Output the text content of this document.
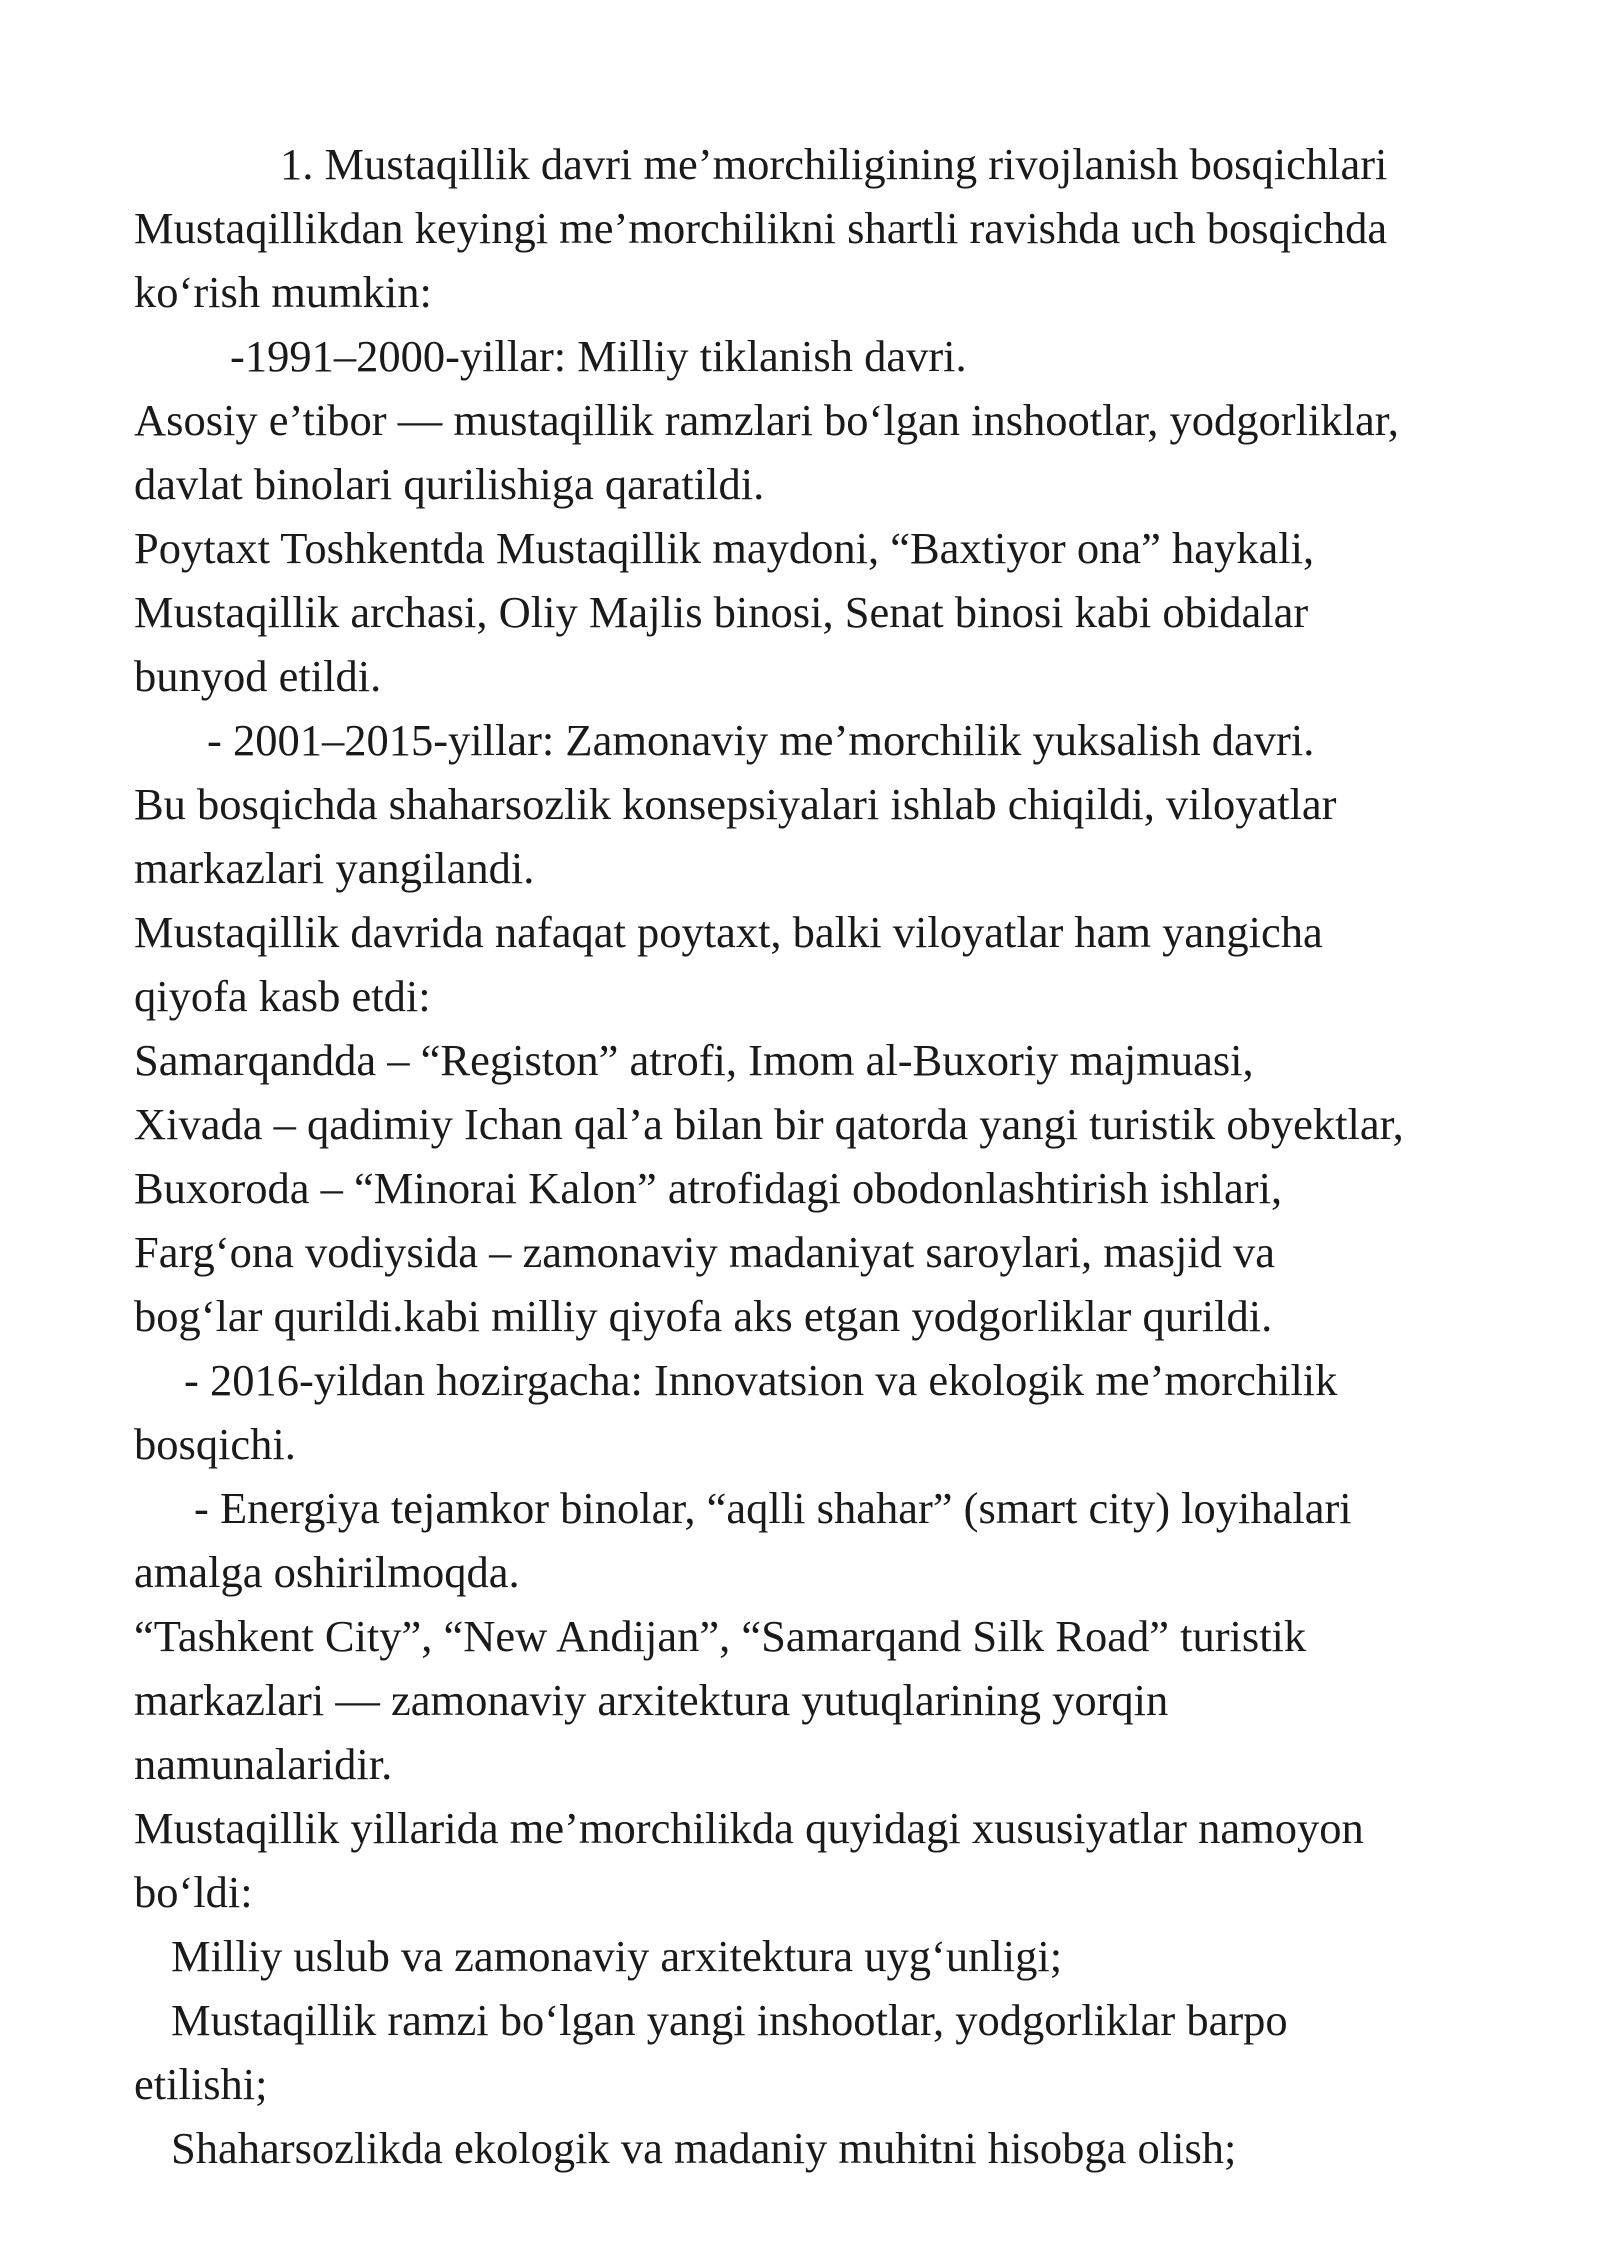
1. Mustaqillik davri me’morchiligining rivojlanish bosqichlari
Mustaqillikdan keyingi me’morchilikni shartli ravishda uch bosqichda
ko‘rish mumkin:
-1991–2000-yillar: Milliy tiklanish davri.
Asosiy e’tibor — mustaqillik ramzlari bo‘lgan inshootlar, yodgorliklar,
davlat binolari qurilishiga qaratildi.
Poytaxt Toshkentda Mustaqillik maydoni, “Baxtiyor ona” haykali,
Mustaqillik archasi, Oliy Majlis binosi, Senat binosi kabi obidalar
bunyod etildi.
- 2001–2015-yillar: Zamonaviy me’morchilik yuksalish davri.
Bu bosqichda shaharsozlik konsepsiyalari ishlab chiqildi, viloyatlar
markazlari yangilandi.
Mustaqillik davrida nafaqat poytaxt, balki viloyatlar ham yangicha
qiyofa kasb etdi:
Samarqandda – “Registon” atrofi, Imom al-Buxoriy majmuasi,
Xivada – qadimiy Ichan qal’a bilan bir qatorda yangi turistik obyektlar,
Buxoroda – “Minorai Kalon” atrofidagi obodonlashtirish ishlari,
Farg‘ona vodiysida – zamonaviy madaniyat saroylari, masjid va
bog‘lar qurildi.kabi milliy qiyofa aks etgan yodgorliklar qurildi.
- 2016-yildan hozirgacha: Innovatsion va ekologik me’morchilik
bosqichi.
- Energiya tejamkor binolar, “aqlli shahar” (smart city) loyihalari
amalga oshirilmoqda.
“Tashkent City”, “New Andijan”, “Samarqand Silk Road” turistik
markazlari — zamonaviy arxitektura yutuqlarining yorqin
namunalaridir.
Mustaqillik yillarida me’morchilikda quyidagi xususiyatlar namoyon
bo‘ldi:
Milliy uslub va zamonaviy arxitektura uyg‘unligi;
Mustaqillik ramzi bo‘lgan yangi inshootlar, yodgorliklar barpo
etilishi;
Shaharsozlikda ekologik va madaniy muhitni hisobga olish;
